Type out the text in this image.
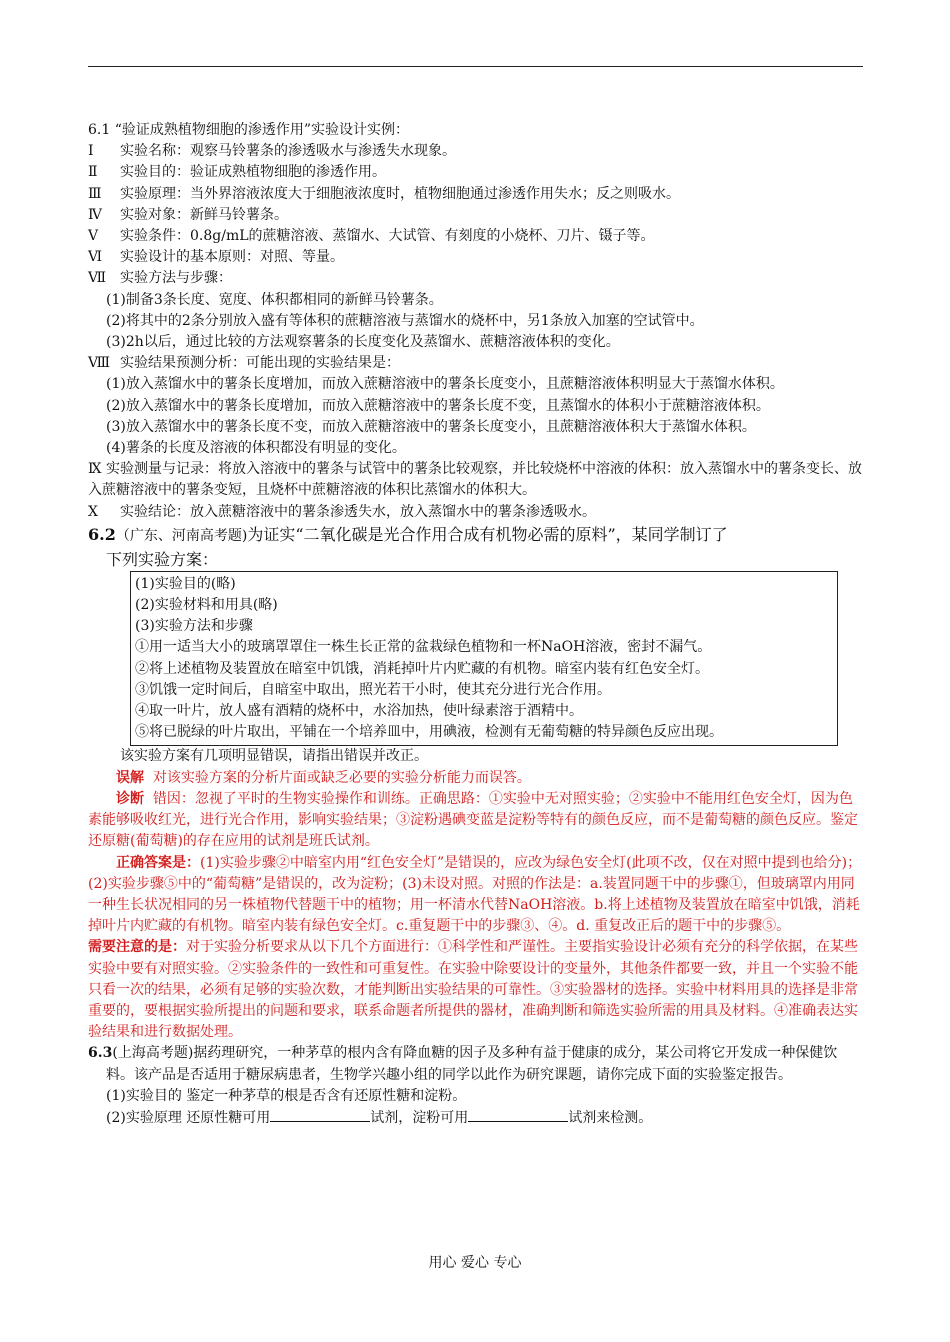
6.1 “验证成熟植物细胞的渗透作用”实验设计实例：
Ⅰ 实验名称：观察马铃薯条的渗透吸水与渗透失水现象。
Ⅱ 实验目的：验证成熟植物细胞的渗透作用。
Ⅲ 实验原理：当外界溶液浓度大于细胞液浓度时，植物细胞通过渗透作用失水；反之则吸水。
Ⅳ 实验对象：新鲜马铃薯条。
Ⅴ 实验条件：0.8g/mL的蔗糖溶液、蒸馏水、大试管、有刻度的小烧杯、刀片、镊子等。
Ⅵ 实验设计的基本原则：对照、等量。
Ⅶ 实验方法与步骤：
(1)制备3条长度、宽度、体积都相同的新鲜马铃薯条。
(2)将其中的2条分别放入盛有等体积的蔗糖溶液与蒸馏水的烧杯中，另1条放入加塞的空试管中。
(3)2h以后，通过比较的方法观察薯条的长度变化及蒸馏水、蔗糖溶液体积的变化。
Ⅷ 实验结果预测分析：可能出现的实验结果是：
(1)放入蒸馏水中的薯条长度增加，而放入蔗糖溶液中的薯条长度变小，且蔗糖溶液体积明显大于蒸馏水体积。
(2)放入蒸馏水中的薯条长度增加，而放入蔗糖溶液中的薯条长度不变，且蒸馏水的体积小于蔗糖溶液体积。
(3)放入蒸馏水中的薯条长度不变，而放入蔗糖溶液中的薯条长度变小，且蔗糖溶液体积大于蒸馏水体积。
(4)薯条的长度及溶液的体积都没有明显的变化。
Ⅸ 实验测量与记录：将放入溶液中的薯条与试管中的薯条比较观察，并比较烧杯中溶液的体积：放入蒸馏水中的薯条变长、放入蔗糖溶液中的薯条变短，且烧杯中蔗糖溶液的体积比蒸馏水的体积大。
Ⅹ 实验结论：放入蔗糖溶液中的薯条渗透失水，放入蒸馏水中的薯条渗透吸水。
6.2（广东、河南高考题)为证实“二氧化碳是光合作用合成有机物必需的原料”，某同学制订了
下列实验方案：
(1)实验目的(略)
(2)实验材料和用具(略)
(3)实验方法和步骤
①用一适当大小的玻璃罩罩住一株生长正常的盆栽绿色植物和一杯NaOH溶液，密封不漏气。
②将上述植物及装置放在暗室中饥饿，消耗掉叶片内贮藏的有机物。暗室内装有红色安全灯。
③饥饿一定时间后，自暗室中取出，照光若干小时，使其充分进行光合作用。
④取一叶片，放人盛有酒精的烧杯中，水浴加热，使叶绿素溶于酒精中。
⑤将已脱绿的叶片取出，平铺在一个培养皿中，用碘液，检测有无葡萄糖的特异颜色反应出现。
该实验方案有几项明显错误，请指出错误并改正。
误解 对该实验方案的分析片面或缺乏必要的实验分析能力而误答。
诊断 错因：忽视了平时的生物实验操作和训练。正确思路：①实验中无对照实验；②实验中不能用红色安全灯，因为色素能够吸收红光，进行光合作用，影响实验结果；③淀粉遇碘变蓝是淀粉等特有的颜色反应，而不是葡萄糖的颜色反应。鉴定还原糖(葡萄糖)的存在应用的试剂是班氏试剂。
正确答案是：(1)实验步骤②中暗室内用“红色安全灯”是错误的，应改为绿色安全灯(此项不改，仅在对照中提到也给分)；(2)实验步骤⑤中的“葡萄糖”是错误的，改为淀粉；(3)未设对照。对照的作法是：a.装置同题干中的步骤①，但玻璃罩内用同一种生长状况相同的另一株植物代替题干中的植物；用一杯清水代替NaOH溶液。b.将上述植物及装置放在暗室中饥饿，消耗掉叶片内贮藏的有机物。暗室内装有绿色安全灯。c.重复题干中的步骤③、④。d. 重复改正后的题干中的步骤⑤。
需要注意的是：对于实验分析要求从以下几个方面进行：①科学性和严谨性。主要指实验设计必须有充分的科学依据，在某些实验中要有对照实验。②实验条件的一致性和可重复性。在实验中除要设计的变量外，其他条件都要一致，并且一个实验不能只看一次的结果，必须有足够的实验次数，才能判断出实验结果的可靠性。③实验器材的选择。实验中材料用具的选择是非常重要的，要根据实验所提出的问题和要求，联系命题者所提供的器材，准确判断和筛选实验所需的用具及材料。④准确表达实验结果和进行数据处理。
6.3(上海高考题)据药理研究，一种茅草的根内含有降血糖的因子及多种有益于健康的成分，某公司将它开发成一种保健饮料。该产品是否适用于糖尿病患者，生物学兴趣小组的同学以此作为研究课题，请你完成下面的实验鉴定报告。
(1)实验目的 鉴定一种茅草的根是否含有还原性糖和淀粉。
(2)实验原理 还原性糖可用	试剂，淀粉可用	试剂来检测。
用心 爱心 专心
